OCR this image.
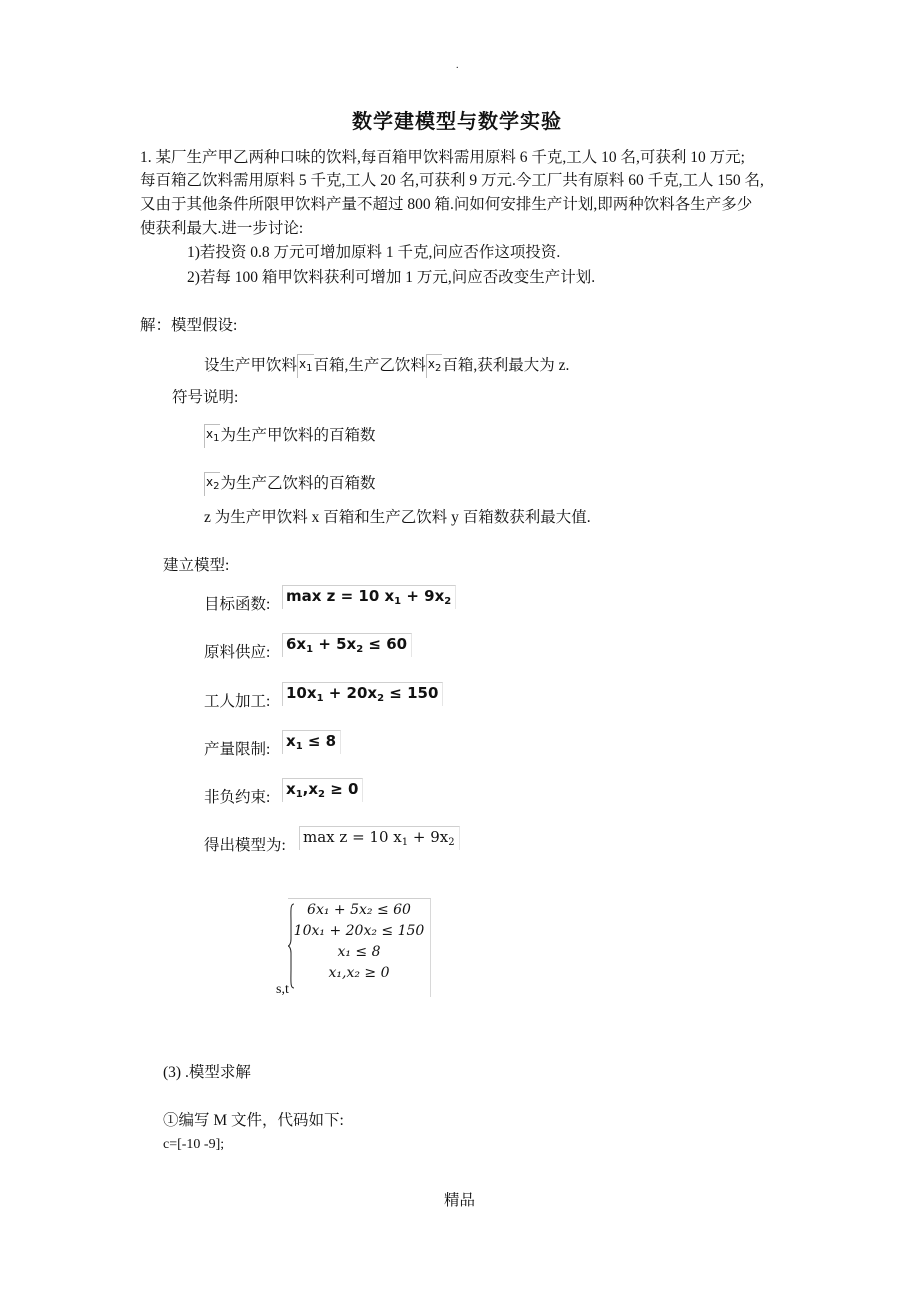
.
数学建模型与数学实验
1. 某厂生产甲乙两种口味的饮料,每百箱甲饮料需用原料 6 千克,工人 10 名,可获利 10 万元;
每百箱乙饮料需用原料 5 千克,工人 20 名,可获利 9 万元.今工厂共有原料 60 千克,工人 150 名,
又由于其他条件所限甲饮料产量不超过 800 箱.问如何安排生产计划,即两种饮料各生产多少
使获利最大.进一步讨论:
1)若投资 0.8 万元可增加原料 1 千克,问应否作这项投资.
2)若每 100 箱甲饮料获利可增加 1 万元,问应否改变生产计划.
解：模型假设:
设生产甲饮料 $x_1$百箱,生产乙饮料 $x_2$百箱,获利最大为 z.
符号说明:
$x_1$为生产甲饮料的百箱数
$x_2$为生产乙饮料的百箱数
z 为生产甲饮料 x 百箱和生产乙饮料 y 百箱数获利最大值.
建立模型:
目标函数: max z = 10 $x_1 + 9x_2$
原料供应: $6x_1 + 5x_2 \le 60$
工人加工: $10x_1 + 20x_2 \le 150$
产量限制: $x_1 \le 8$
非负约束: $x_1,x_2 \ge 0$
得出模型为: max z = 10 $x_1 + 9x_2$
6x₁ + 5x₂ ≤ 60
10x₁ + 20x₂ ≤ 150
x₁ ≤ 8
x₁,x₂ ≥ 0
s,t
(3) .模型求解
①编写 M 文件，代码如下:
c=[-10 -9];
精品
